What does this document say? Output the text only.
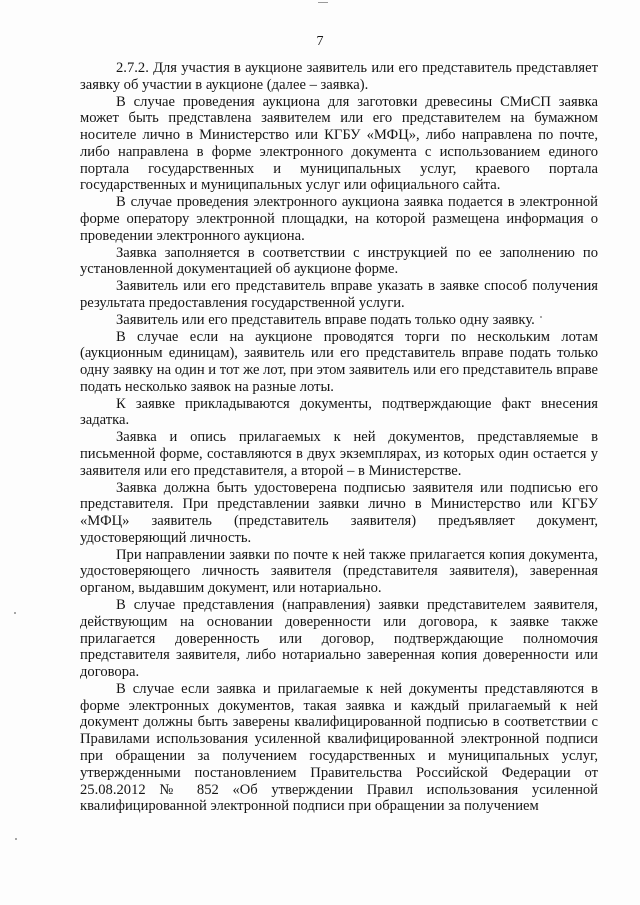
7

2.7.2. Для участия в аукционе заявитель или его представитель представляет заявку об участии в аукционе (далее – заявка).

В случае проведения аукциона для заготовки древесины СМиСП заявка может быть представлена заявителем или его представителем на бумажном носителе лично в Министерство или КГБУ «МФЦ», либо направлена по почте, либо направлена в форме электронного документа с использованием единого портала государственных и муниципальных услуг, краевого портала государственных и муниципальных услуг или официального сайта.

В случае проведения электронного аукциона заявка подается в электронной форме оператору электронной площадки, на которой размещена информация о проведении электронного аукциона.

Заявка заполняется в соответствии с инструкцией по ее заполнению по установленной документацией об аукционе форме.

Заявитель или его представитель вправе указать в заявке способ получения результата предоставления государственной услуги.

Заявитель или его представитель вправе подать только одну заявку.

В случае если на аукционе проводятся торги по нескольким лотам (аукционным единицам), заявитель или его представитель вправе подать только одну заявку на один и тот же лот, при этом заявитель или его представитель вправе подать несколько заявок на разные лоты.

К заявке прикладываются документы, подтверждающие факт внесения задатка.

Заявка и опись прилагаемых к ней документов, представляемые в письменной форме, составляются в двух экземплярах, из которых один остается у заявителя или его представителя, а второй – в Министерстве.

Заявка должна быть удостоверена подписью заявителя или подписью его представителя. При представлении заявки лично в Министерство или КГБУ «МФЦ» заявитель (представитель заявителя) предъявляет документ, удостоверяющий личность.

При направлении заявки по почте к ней также прилагается копия документа, удостоверяющего личность заявителя (представителя заявителя), заверенная органом, выдавшим документ, или нотариально.

В случае представления (направления) заявки представителем заявителя, действующим на основании доверенности или договора, к заявке также прилагается доверенность или договор, подтверждающие полномочия представителя заявителя, либо нотариально заверенная копия доверенности или договора.

В случае если заявка и прилагаемые к ней документы представляются в форме электронных документов, такая заявка и каждый прилагаемый к ней документ должны быть заверены квалифицированной подписью в соответствии с Правилами использования усиленной квалифицированной электронной подписи при обращении за получением государственных и муниципальных услуг, утвержденными постановлением Правительства Российской Федерации от 25.08.2012 № 852 «Об утверждении Правил использования усиленной квалифицированной электронной подписи при обращении за получением
